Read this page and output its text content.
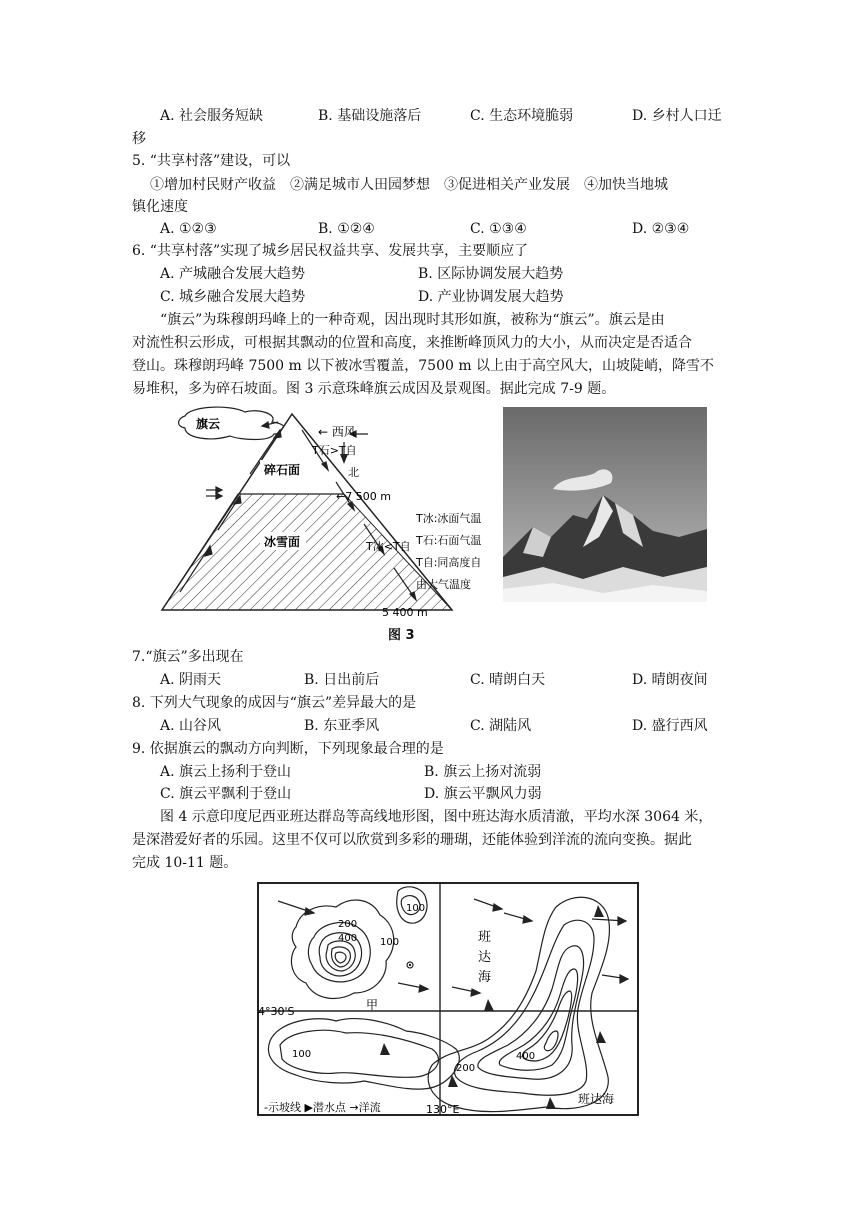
A. 社会服务短缺	B. 基础设施落后	C. 生态环境脆弱	D. 乡村人口迁
移
5. “共享村落”建设，可以
①增加村民财产收益　②满足城市人田园梦想　③促进相关产业发展　④加快当地城
镇化速度
A. ①②③	B. ①②④	C. ①③④	D. ②③④
6. “共享村落”实现了城乡居民权益共享、发展共享，主要顺应了
A. 产城融合发展大趋势	B. 区际协调发展大趋势
C. 城乡融合发展大趋势	D. 产业协调发展大趋势
“旗云”为珠穆朗玛峰上的一种奇观，因出现时其形如旗，被称为“旗云”。旗云是由
对流性积云形成，可根据其飘动的位置和高度，来推断峰顶风力的大小，从而决定是否适合
登山。珠穆朗玛峰 7500 m 以下被冰雪覆盖，7500 m 以上由于高空风大，山坡陡峭，降雪不
易堆积，多为碎石坡面。图 3 示意珠峰旗云成因及景观图。据此完成 7-9 题。
旗云
← 西风
T石>T自
北
碎石面
←7 500 m
冰雪面	T冰<T自
5 400 m
T冰:冰面气温
T石:石面气温
T自:同高度自
由大气温度
图 3
7.“旗云”多出现在
A. 阴雨天	B. 日出前后	C. 晴朗白天	D. 晴朗夜间
8. 下列大气现象的成因与“旗云”差异最大的是
A. 山谷风	B. 东亚季风	C. 湖陆风	D. 盛行西风
9. 依据旗云的飘动方向判断，下列现象最合理的是
A. 旗云上扬利于登山	B. 旗云上扬对流弱
C. 旗云平飘利于登山	D. 旗云平飘风力弱
图 4 示意印度尼西亚班达群岛等高线地形图，图中班达海水质清澈，平均水深 3064 米，
是深潜爱好者的乐园。这里不仅可以欣赏到多彩的珊瑚，还能体验到洋流的流向变换。据此
完成 10-11 题。
4°30'S
130°E
200
400
100
100
200
400
100
甲
班
达
海
班达海
-示坡线 ▶潜水点 →洋流
